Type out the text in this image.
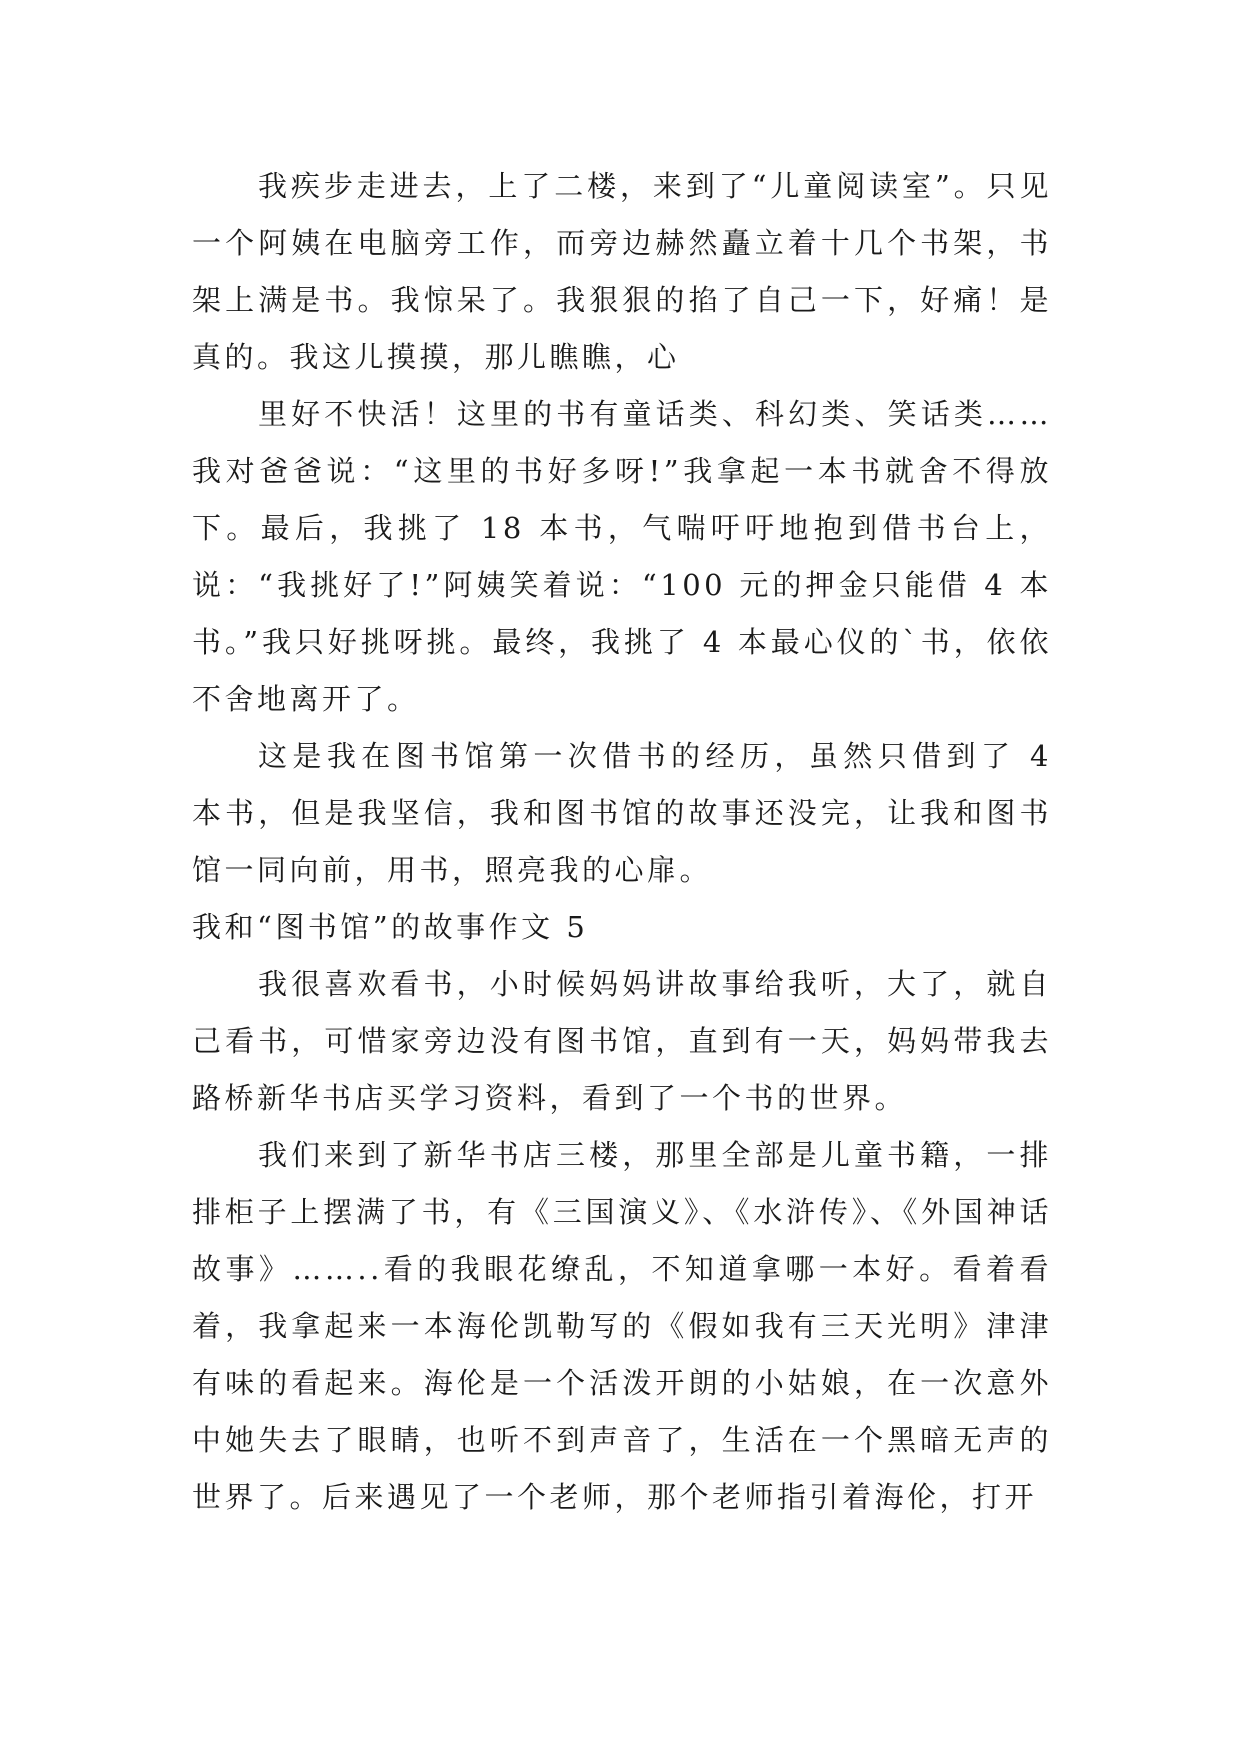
我疾步走进去，上了二楼，来到了“儿童阅读室”。只见一个阿姨在电脑旁工作，而旁边赫然矗立着十几个书架，书架上满是书。我惊呆了。我狠狠的掐了自己一下，好痛！是真的。我这儿摸摸，那儿瞧瞧，心

里好不快活！这里的书有童话类、科幻类、笑话类……我对爸爸说：“这里的书好多呀!”我拿起一本书就舍不得放下。最后，我挑了 18 本书，气喘吁吁地抱到借书台上，说：“我挑好了!”阿姨笑着说：“100 元的押金只能借 4 本书。”我只好挑呀挑。最终，我挑了 4 本最心仪的`书，依依不舍地离开了。

这是我在图书馆第一次借书的经历，虽然只借到了 4 本书，但是我坚信，我和图书馆的故事还没完，让我和图书馆一同向前，用书，照亮我的心扉。

我和“图书馆”的故事作文 5

我很喜欢看书，小时候妈妈讲故事给我听，大了，就自己看书，可惜家旁边没有图书馆，直到有一天，妈妈带我去路桥新华书店买学习资料，看到了一个书的世界。

我们来到了新华书店三楼，那里全部是儿童书籍，一排排柜子上摆满了书，有《三国演义》、《水浒传》、《外国神话故事》……..看的我眼花缭乱，不知道拿哪一本好。看着看着，我拿起来一本海伦凯勒写的《假如我有三天光明》津津有味的看起来。海伦是一个活泼开朗的小姑娘，在一次意外中她失去了眼睛，也听不到声音了，生活在一个黑暗无声的世界了。后来遇见了一个老师，那个老师指引着海伦，打开
